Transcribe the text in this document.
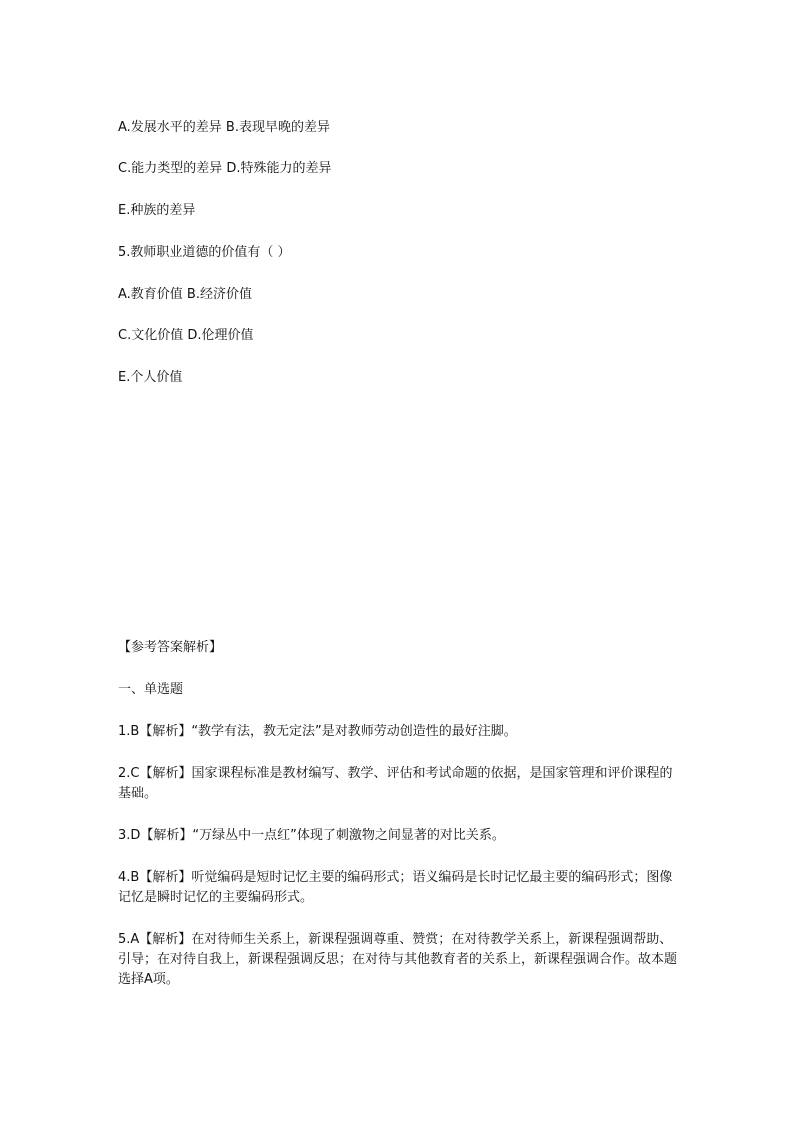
A.发展水平的差异 B.表现早晚的差异
C.能力类型的差异 D.特殊能力的差异
E.种族的差异
5.教师职业道德的价值有（ ）
A.教育价值 B.经济价值
C.文化价值 D.伦理价值
E.个人价值
【参考答案解析】
一、单选题
1.B【解析】“教学有法，教无定法”是对教师劳动创造性的最好注脚。
2.C【解析】国家课程标准是教材编写、教学、评估和考试命题的依据，是国家管理和评价课程的基础。
3.D【解析】“万绿丛中一点红”体现了刺激物之间显著的对比关系。
4.B【解析】听觉编码是短时记忆主要的编码形式；语义编码是长时记忆最主要的编码形式；图像记忆是瞬时记忆的主要编码形式。
5.A【解析】在对待师生关系上，新课程强调尊重、赞赏；在对待教学关系上，新课程强调帮助、引导；在对待自我上，新课程强调反思；在对待与其他教育者的关系上，新课程强调合作。故本题选择A项。
